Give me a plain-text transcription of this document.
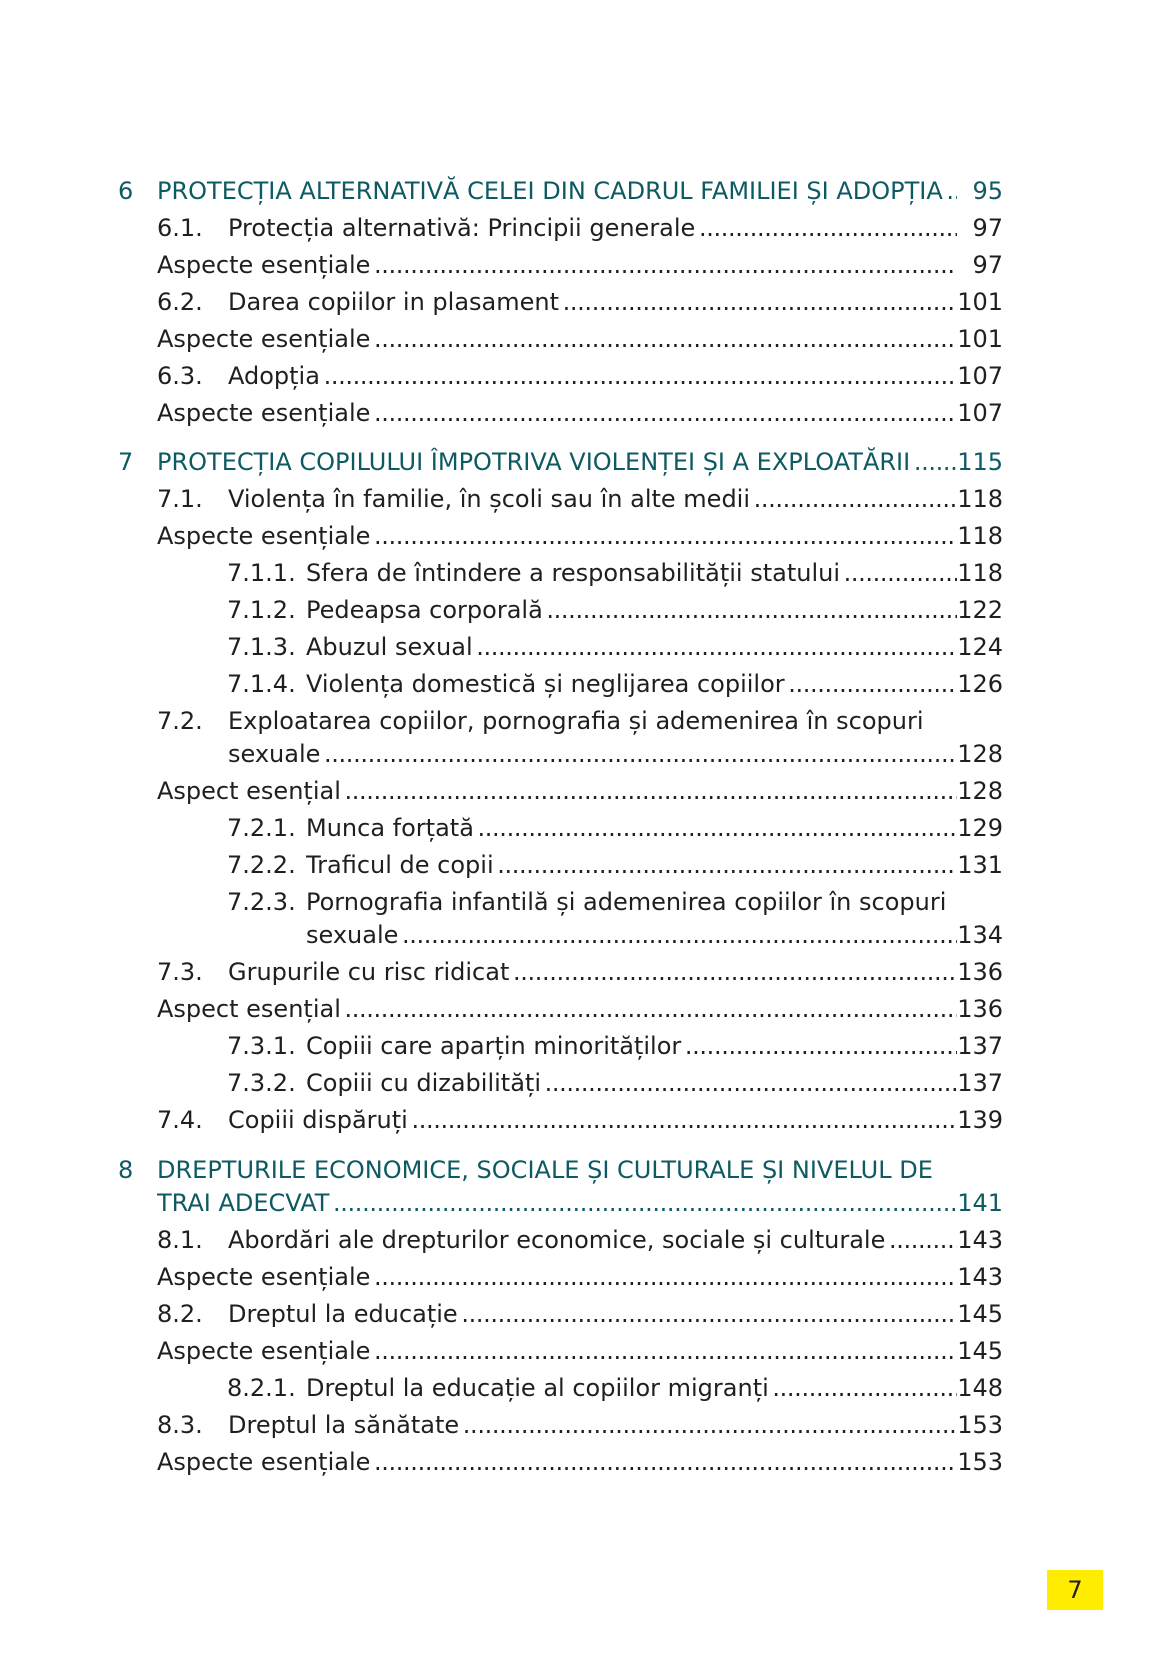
6 PROTECȚIA ALTERNATIVĂ CELEI DIN CADRUL FAMILIEI ȘI ADOPȚIA . . .	95
6.1. Protecția alternativă: Principii generale . . .	97
Aspecte esențiale . . .	97
6.2. Darea copiilor in plasament . . .	101
Aspecte esențiale . . .	101
6.3. Adopția . . .	107
Aspecte esențiale . . .	107
7 PROTECȚIA COPILULUI ÎMPOTRIVA VIOLENȚEI ȘI A EXPLOATĂRII . . .	115
7.1. Violența în familie, în școli sau în alte medii . . .	118
Aspecte esențiale . . .	118
7.1.1. Sfera de întindere a responsabilității statului . . .	118
7.1.2. Pedeapsa corporală . . .	122
7.1.3. Abuzul sexual . . .	124
7.1.4. Violența domestică și neglijarea copiilor . . .	126
7.2. Exploatarea copiilor, pornografia și ademenirea în scopuri
sexuale . . .	128
Aspect esențial . . .	128
7.2.1. Munca forțată . . .	129
7.2.2. Traficul de copii . . .	131
7.2.3. Pornografia infantilă și ademenirea copiilor în scopuri
sexuale . . .	134
7.3. Grupurile cu risc ridicat . . .	136
Aspect esențial . . .	136
7.3.1. Copiii care aparțin minorităților . . .	137
7.3.2. Copiii cu dizabilități . . .	137
7.4. Copiii dispăruți . . .	139
8 DREPTURILE ECONOMICE, SOCIALE ȘI CULTURALE ȘI NIVELUL DE
TRAI ADECVAT . . .	141
8.1. Abordări ale drepturilor economice, sociale și culturale . . .	143
Aspecte esențiale . . .	143
8.2. Dreptul la educație . . .	145
Aspecte esențiale . . .	145
8.2.1. Dreptul la educație al copiilor migranți . . .	148
8.3. Dreptul la sănătate . . .	153
Aspecte esențiale . . .	153
7
